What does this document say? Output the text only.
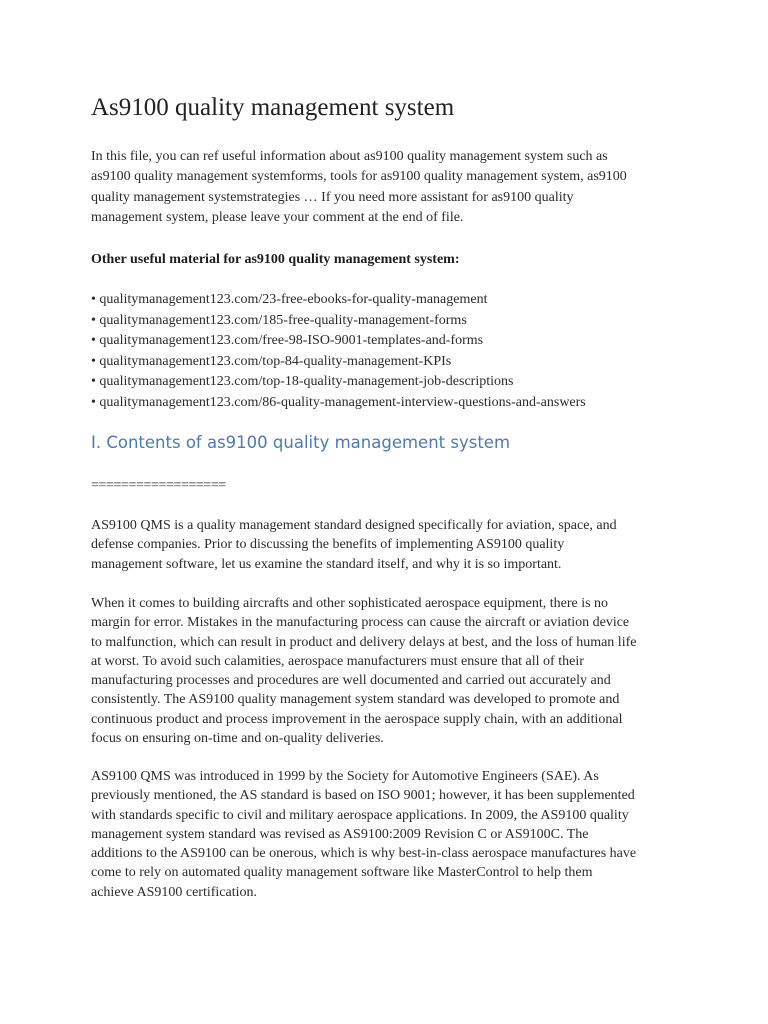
As9100 quality management system

In this file, you can ref useful information about as9100 quality management system such as
as9100 quality management systemforms, tools for as9100 quality management system, as9100
quality management systemstrategies … If you need more assistant for as9100 quality
management system, please leave your comment at the end of file.

Other useful material for as9100 quality management system:

• qualitymanagement123.com/23-free-ebooks-for-quality-management
• qualitymanagement123.com/185-free-quality-management-forms
• qualitymanagement123.com/free-98-ISO-9001-templates-and-forms
• qualitymanagement123.com/top-84-quality-management-KPIs
• qualitymanagement123.com/top-18-quality-management-job-descriptions
• qualitymanagement123.com/86-quality-management-interview-questions-and-answers
I. Contents of as9100 quality management system

==================

AS9100 QMS is a quality management standard designed specifically for aviation, space, and
defense companies. Prior to discussing the benefits of implementing AS9100 quality
management software, let us examine the standard itself, and why it is so important.

When it comes to building aircrafts and other sophisticated aerospace equipment, there is no
margin for error. Mistakes in the manufacturing process can cause the aircraft or aviation device
to malfunction, which can result in product and delivery delays at best, and the loss of human life
at worst. To avoid such calamities, aerospace manufacturers must ensure that all of their
manufacturing processes and procedures are well documented and carried out accurately and
consistently. The AS9100 quality management system standard was developed to promote and
continuous product and process improvement in the aerospace supply chain, with an additional
focus on ensuring on-time and on-quality deliveries.

AS9100 QMS was introduced in 1999 by the Society for Automotive Engineers (SAE). As
previously mentioned, the AS standard is based on ISO 9001; however, it has been supplemented
with standards specific to civil and military aerospace applications. In 2009, the AS9100 quality
management system standard was revised as AS9100:2009 Revision C or AS9100C. The
additions to the AS9100 can be onerous, which is why best-in-class aerospace manufactures have
come to rely on automated quality management software like MasterControl to help them
achieve AS9100 certification.
